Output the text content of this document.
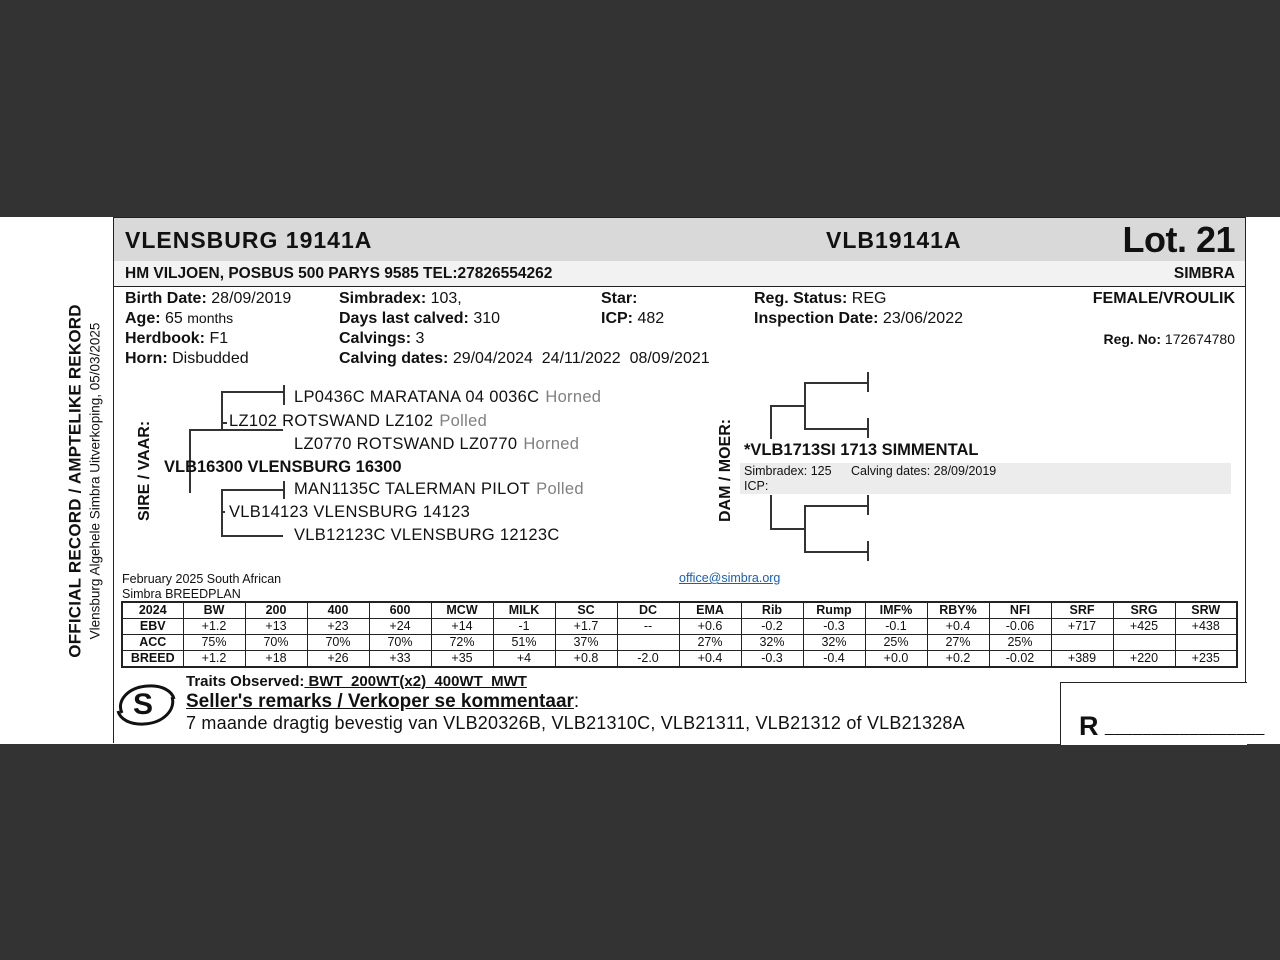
OFFICIAL RECORD / AMPTELIKE REKORD Vlensburg Algehele Simbra Uitverkoping, 05/03/2025
VLENSBURG 19141A	VLB19141A	Lot. 21
HM VILJOEN, POSBUS 500 PARYS 9585 TEL:27826554262	SIMBRA
Birth Date: 28/09/2019
Age: 65 months
Herdbook: F1
Horn: Disbudded
Simbradex: 103,
Days last calved: 310
Calvings: 3
Calving dates: 29/04/2024  24/11/2022  08/09/2021
Star:
ICP: 482
Reg. Status: REG
Inspection Date: 23/06/2022
FEMALE/VROULIK
Reg. No: 172674780
SIRE / VAAR:
LP0436C MARATANA 04 0036C Horned
LZ102 ROTSWAND LZ102 Polled
LZ0770 ROTSWAND LZ0770 Horned
VLB16300 VLENSBURG 16300
MAN1135C TALERMAN PILOT Polled
VLB14123 VLENSBURG 14123
VLB12123C VLENSBURG 12123C
DAM / MOER: *VLB1713SI 1713 SIMMENTAL
Simbradex: 125 Calving dates: 28/09/2019
ICP:
February 2025 South African
Simbra BREEDPLAN
office@simbra.org
2024	BW	200	400	600	MCW	MILK	SC	DC	EMA	Rib	Rump	IMF%	RBY%	NFI	SRF	SRG	SRW
EBV	+1.2	+13	+23	+24	+14	-1	+1.7	--	+0.6	-0.2	-0.3	-0.1	+0.4	-0.06	+717	+425	+438
ACC	75%	70%	70%	70%	72%	51%	37%		27%	32%	32%	25%	27%	25%			
BREED	+1.2	+18	+26	+33	+35	+4	+0.8	-2.0	+0.4	-0.3	-0.4	+0.0	+0.2	-0.02	+389	+220	+235
S
Traits Observed: BWT  200WT(x2)  400WT  MWT
Seller's remarks / Verkoper se kommentaar:
7 maande dragtig bevestig van VLB20326B, VLB21310C, VLB21311, VLB21312 of VLB21328A	R _________________
